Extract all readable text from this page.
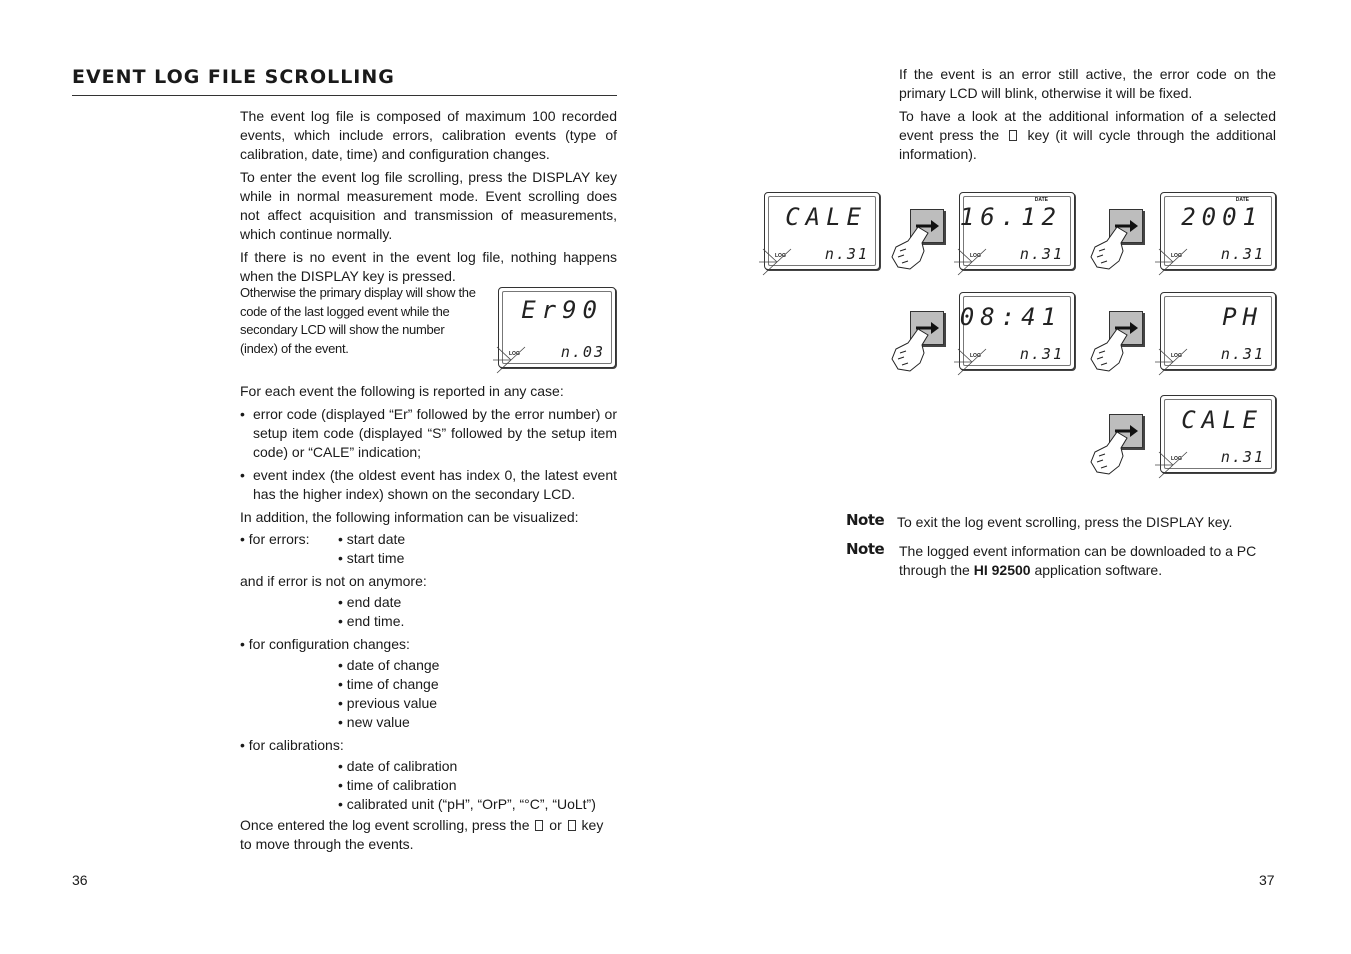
EVENT LOG FILE SCROLLING

The event log file is composed of maximum 100 recorded events, which include errors, calibration events (type of calibration, date, time) and configuration changes.

To enter the event log file scrolling, press the DISPLAY key while in normal measurement mode. Event scrolling does not affect acquisition and transmission of measurements, which continue normally.

If there is no event in the event log file, nothing happens when the DISPLAY key is pressed.

Otherwise the primary display will show the code of the last logged event while the secondary LCD will show the number (index) of the event.
Er90
n.03
LOG

For each event the following is reported in any case:

• error code (displayed “Er” followed by the error number) or setup item code (displayed “S” followed by the setup item code) or “CALE” indication;
• event index (the oldest event has index 0, the latest event has the higher index) shown on the secondary LCD.

In addition, the following information can be visualized:

• for errors: • start date
• start time
and if error is not on anymore:
• end date
• end time.
• for configuration changes:
• date of change
• time of change
• previous value
• new value
• for calibrations:
• date of calibration
• time of calibration
• calibrated unit (“pH”, “OrP”, “°C”, “UoLt”)
Once entered the log event scrolling, press the or key to move through the events.
36

If the event is an error still active, the error code on the primary LCD will blink, otherwise it will be fixed.

To have a look at the additional information of a selected event press the key (it will cycle through the additional information).

CALE
n.31
LOG
16.12
n.31
LOG
DATE
2001
n.31
LOG
DATE
08:41
n.31
LOG
PH
n.31
LOG
CALE
n.31
LOG
Note To exit the log event scrolling, press the DISPLAY key.
Note The logged event information can be downloaded to a PC through the HI 92500 application software.
37
